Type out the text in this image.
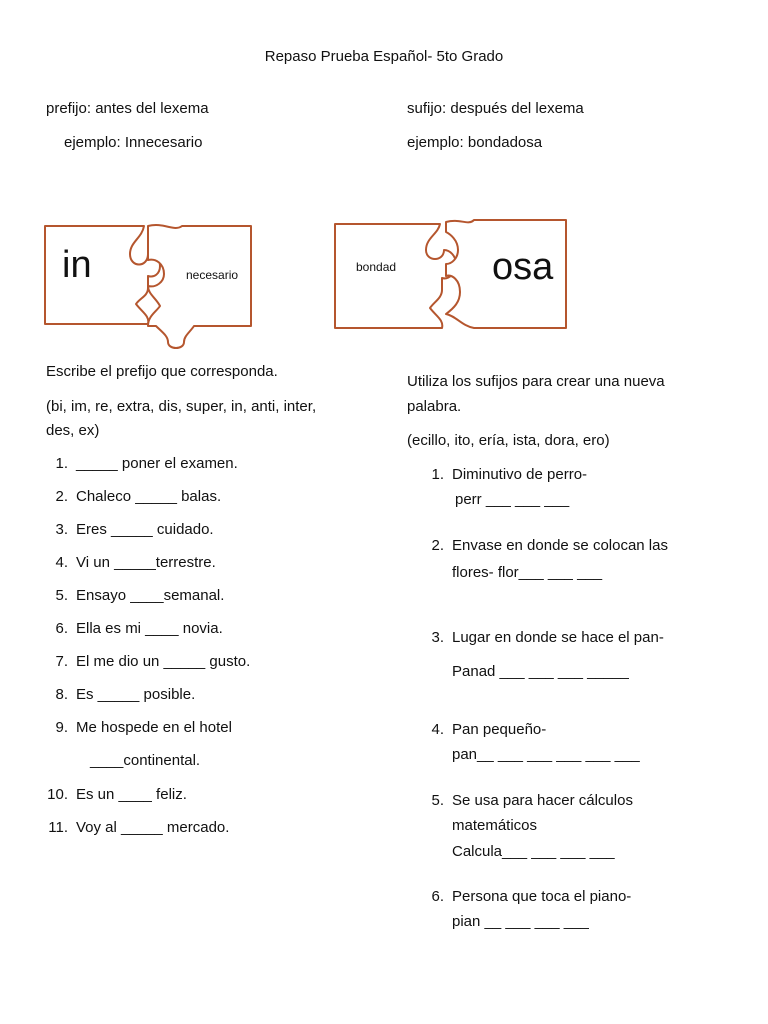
Repaso Prueba Español- 5to Grado
prefijo: antes del lexema
ejemplo: Innecesario
sufijo: después del lexema
ejemplo: bondadosa
in	necesario
bondad	osa
Escribe el prefijo que corresponda.
(bi, im, re, extra, dis, super, in, anti, inter,
des, ex)
1. _____ poner el examen.
2. Chaleco _____ balas.
3. Eres _____ cuidado.
4. Vi un _____terrestre.
5. Ensayo ____semanal.
6. Ella es mi ____ novia.
7. El me dio un _____ gusto.
8. Es _____ posible.
9. Me hospede en el hotel
____continental.
10. Es un ____ feliz.
11. Voy al _____ mercado.
Utiliza los sufijos para crear una nueva
palabra.
(ecillo, ito, ería, ista, dora, ero)
1. Diminutivo de perro-
perr ___ ___ ___
2. Envase en donde se colocan las
flores- flor___ ___ ___
3. Lugar en donde se hace el pan-
Panad ___ ___ ___ _____
4. Pan pequeño-
pan__ ___ ___ ___ ___ ___
5. Se usa para hacer cálculos
matemáticos
Calcula___ ___ ___ ___
6. Persona que toca el piano-
pian __ ___ ___ ___
